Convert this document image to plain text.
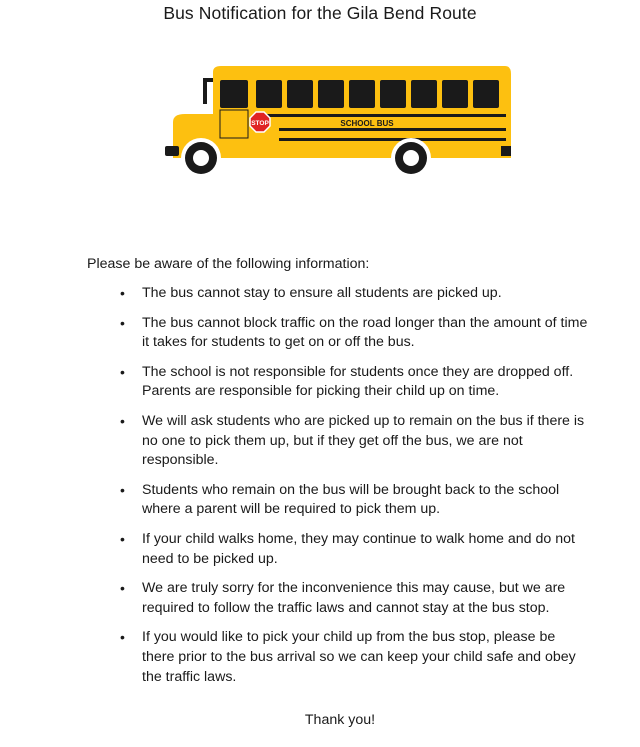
Bus Notification for the Gila Bend Route
STOP	SCHOOL BUS
Please be aware of the following information:
• The bus cannot stay to ensure all students are picked up.
• The bus cannot block traffic on the road longer than the amount of time it takes for students to get on or off the bus.
• The school is not responsible for students once they are dropped off. Parents are responsible for picking their child up on time.
• We will ask students who are picked up to remain on the bus if there is no one to pick them up, but if they get off the bus, we are not responsible.
• Students who remain on the bus will be brought back to the school where a parent will be required to pick them up.
• If your child walks home, they may continue to walk home and do not need to be picked up.
• We are truly sorry for the inconvenience this may cause, but we are required to follow the traffic laws and cannot stay at the bus stop.
• If you would like to pick your child up from the bus stop, please be there prior to the bus arrival so we can keep your child safe and obey the traffic laws.
Thank you!
